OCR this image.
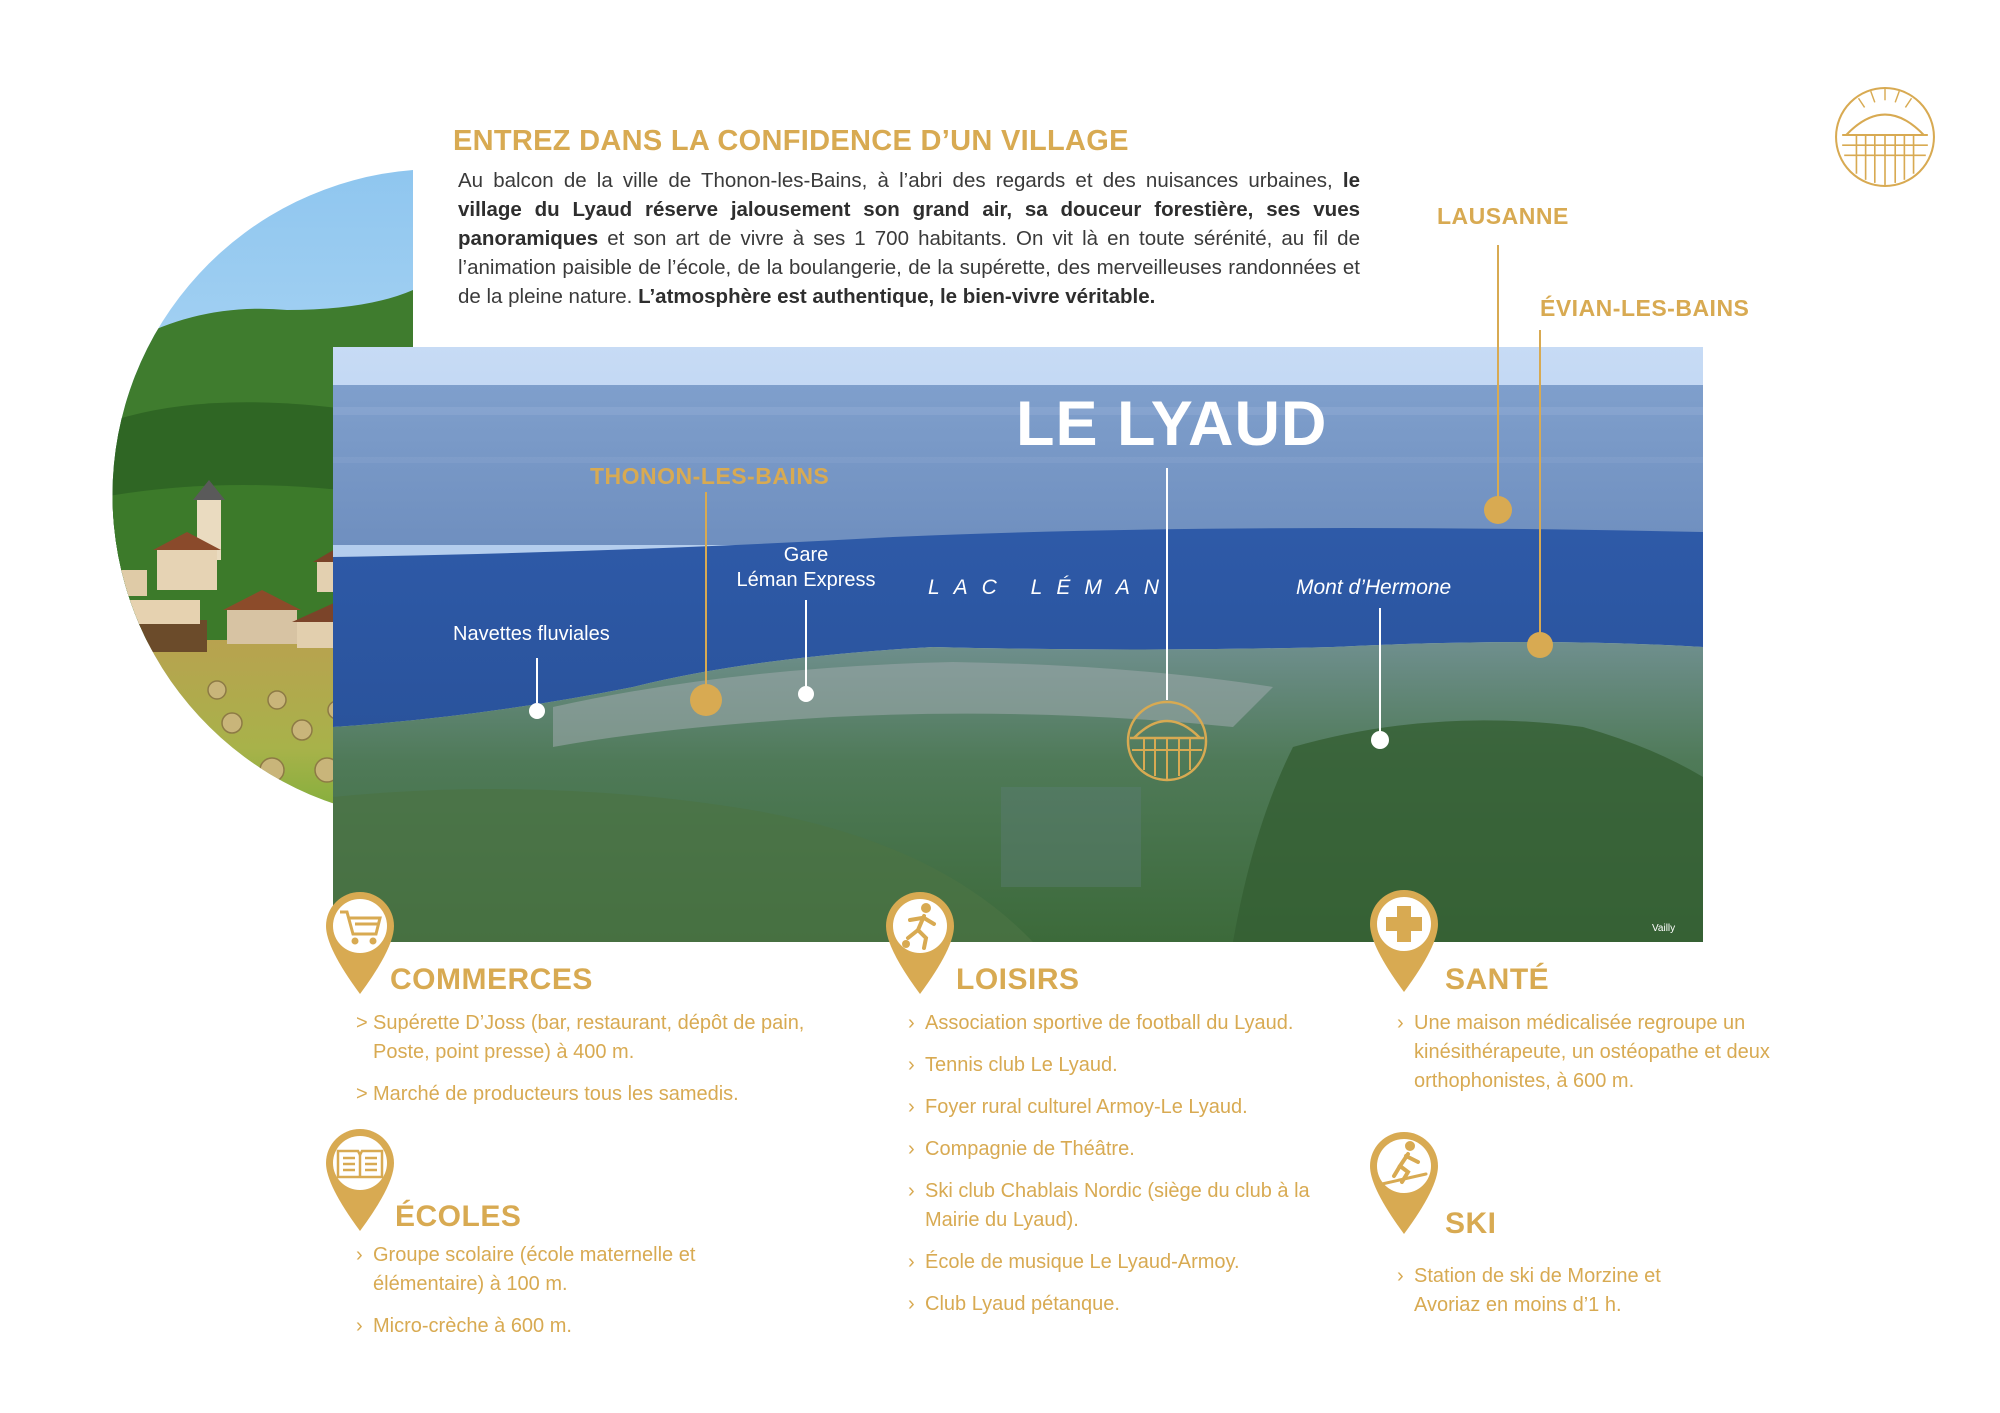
ENTREZ DANS LA CONFIDENCE D’UN VILLAGE
Au balcon de la ville de Thonon-les-Bains, à l’abri des regards et des nuisances urbaines, le village du Lyaud réserve jalousement son grand air, sa douceur forestière, ses vues panoramiques et son art de vivre à ses 1 700 habitants. On vit là en toute sérénité, au fil de l’animation paisible de l’école, de la boulangerie, de la supérette, des merveilleuses randonnées et de la pleine nature. L’atmosphère est authentique, le bien-vivre véritable.
LE LYAUD
LAUSANNE
ÉVIAN-LES-BAINS
THONON-LES-BAINS
LAC LÉMAN	Mont d’Hermone
Gare
Léman Express
Navettes fluviales
Vailly
COMMERCES
> Supérette D’Joss (bar, restaurant, dépôt de pain, Poste, point presse) à 400 m.
> Marché de producteurs tous les samedis.
ÉCOLES
› Groupe scolaire (école maternelle et élémentaire) à 100 m.
› Micro-crèche à 600 m.
LOISIRS
› Association sportive de football du Lyaud.
› Tennis club Le Lyaud.
› Foyer rural culturel Armoy-Le Lyaud.
› Compagnie de Théâtre.
› Ski club Chablais Nordic (siège du club à la Mairie du Lyaud).
› École de musique Le Lyaud-Armoy.
› Club Lyaud pétanque.
SANTÉ
› Une maison médicalisée regroupe un kinésithérapeute, un ostéopathe et deux orthophonistes, à 600 m.
SKI
› Station de ski de Morzine et Avoriaz en moins d’1 h.
